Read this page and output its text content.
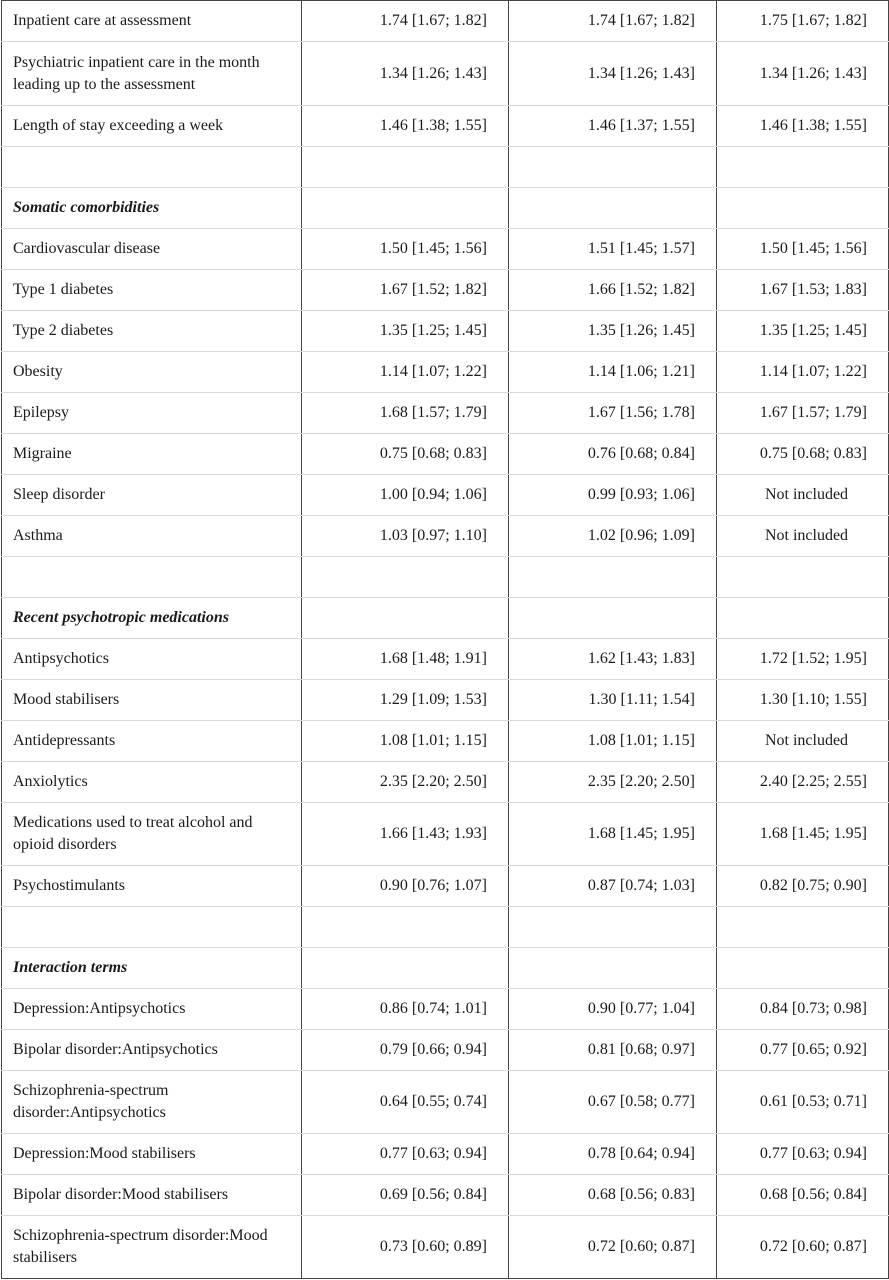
Inpatient care at assessment	1.74 [1.67; 1.82]	1.74 [1.67; 1.82]	1.75 [1.67; 1.82]
Psychiatric inpatient care in the month leading up to the assessment	1.34 [1.26; 1.43]	1.34 [1.26; 1.43]	1.34 [1.26; 1.43]
Length of stay exceeding a week	1.46 [1.38; 1.55]	1.46 [1.37; 1.55]	1.46 [1.38; 1.55]

Somatic comorbidities			
Cardiovascular disease	1.50 [1.45; 1.56]	1.51 [1.45; 1.57]	1.50 [1.45; 1.56]
Type 1 diabetes	1.67 [1.52; 1.82]	1.66 [1.52; 1.82]	1.67 [1.53; 1.83]
Type 2 diabetes	1.35 [1.25; 1.45]	1.35 [1.26; 1.45]	1.35 [1.25; 1.45]
Obesity	1.14 [1.07; 1.22]	1.14 [1.06; 1.21]	1.14 [1.07; 1.22]
Epilepsy	1.68 [1.57; 1.79]	1.67 [1.56; 1.78]	1.67 [1.57; 1.79]
Migraine	0.75 [0.68; 0.83]	0.76 [0.68; 0.84]	0.75 [0.68; 0.83]
Sleep disorder	1.00 [0.94; 1.06]	0.99 [0.93; 1.06]	Not included
Asthma	1.03 [0.97; 1.10]	1.02 [0.96; 1.09]	Not included

Recent psychotropic medications			
Antipsychotics	1.68 [1.48; 1.91]	1.62 [1.43; 1.83]	1.72 [1.52; 1.95]
Mood stabilisers	1.29 [1.09; 1.53]	1.30 [1.11; 1.54]	1.30 [1.10; 1.55]
Antidepressants	1.08 [1.01; 1.15]	1.08 [1.01; 1.15]	Not included
Anxiolytics	2.35 [2.20; 2.50]	2.35 [2.20; 2.50]	2.40 [2.25; 2.55]
Medications used to treat alcohol and opioid disorders	1.66 [1.43; 1.93]	1.68 [1.45; 1.95]	1.68 [1.45; 1.95]
Psychostimulants	0.90 [0.76; 1.07]	0.87 [0.74; 1.03]	0.82 [0.75; 0.90]

Interaction terms			
Depression:Antipsychotics	0.86 [0.74; 1.01]	0.90 [0.77; 1.04]	0.84 [0.73; 0.98]
Bipolar disorder:Antipsychotics	0.79 [0.66; 0.94]	0.81 [0.68; 0.97]	0.77 [0.65; 0.92]
Schizophrenia-spectrum disorder:Antipsychotics	0.64 [0.55; 0.74]	0.67 [0.58; 0.77]	0.61 [0.53; 0.71]
Depression:Mood stabilisers	0.77 [0.63; 0.94]	0.78 [0.64; 0.94]	0.77 [0.63; 0.94]
Bipolar disorder:Mood stabilisers	0.69 [0.56; 0.84]	0.68 [0.56; 0.83]	0.68 [0.56; 0.84]
Schizophrenia-spectrum disorder:Mood stabilisers	0.73 [0.60; 0.89]	0.72 [0.60; 0.87]	0.72 [0.60; 0.87]
